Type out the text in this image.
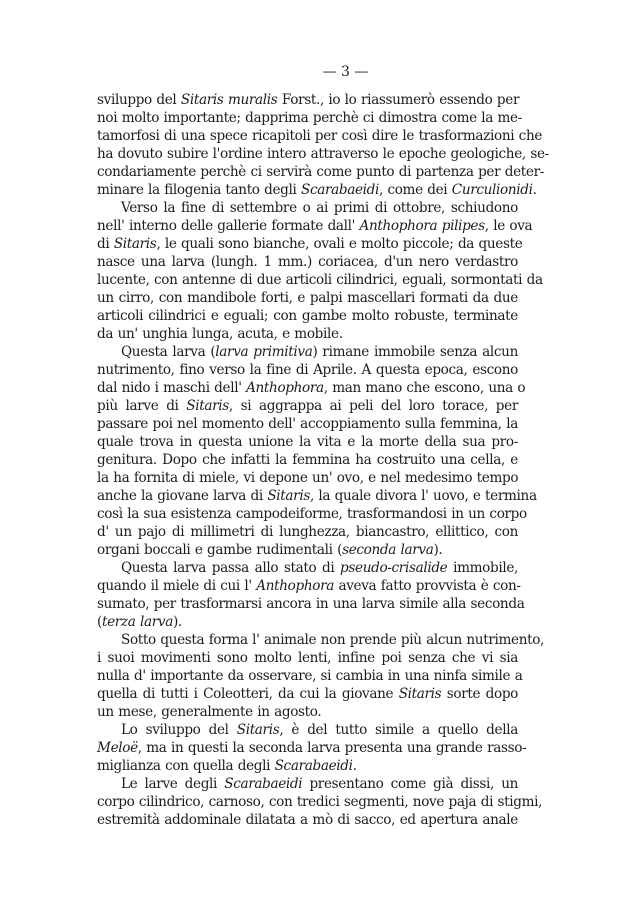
— 3 —
sviluppo del Sitaris muralis Forst., io lo riassumerò essendo per
noi molto importante; dapprima perchè ci dimostra come la me-
tamorfosi di una spece ricapitoli per così dire le trasformazioni che
ha dovuto subire l'ordine intero attraverso le epoche geologiche, se-
condariamente perchè ci servirà come punto di partenza per deter-
minare la filogenia tanto degli Scarabaeidi, come dei Curculionidi.
Verso la fine di settembre o ai primi di ottobre, schiudono
nell' interno delle gallerie formate dall' Anthophora pilipes, le ova
di Sitaris, le quali sono bianche, ovali e molto piccole; da queste
nasce una larva (lungh. 1 mm.) coriacea, d'un nero verdastro
lucente, con antenne di due articoli cilindrici, eguali, sormontati da
un cirro, con mandibole forti, e palpi mascellari formati da due
articoli cilindrici e eguali; con gambe molto robuste, terminate
da un' unghia lunga, acuta, e mobile.
Questa larva (larva primitiva) rimane immobile senza alcun
nutrimento, fino verso la fine di Aprile. A questa epoca, escono
dal nido i maschi dell' Anthophora, man mano che escono, una o
più larve di Sitaris, si aggrappa ai peli del loro torace, per
passare poi nel momento dell' accoppiamento sulla femmina, la
quale trova in questa unione la vita e la morte della sua pro-
genitura. Dopo che infatti la femmina ha costruito una cella, e
la ha fornita di miele, vi depone un' ovo, e nel medesimo tempo
anche la giovane larva di Sitaris, la quale divora l' uovo, e termina
così la sua esistenza campodeiforme, trasformandosi in un corpo
d' un pajo di millimetri di lunghezza, biancastro, ellittico, con
organi boccali e gambe rudimentali (seconda larva).
Questa larva passa allo stato di pseudo-crisalide immobile,
quando il miele di cui l' Anthophora aveva fatto provvista è con-
sumato, per trasformarsi ancora in una larva simile alla seconda
(terza larva).
Sotto questa forma l' animale non prende più alcun nutrimento,
i suoi movimenti sono molto lenti, infine poi senza che vi sia
nulla d' importante da osservare, si cambia in una ninfa simile a
quella di tutti i Coleotteri, da cui la giovane Sitaris sorte dopo
un mese, generalmente in agosto.
Lo sviluppo del Sitaris, è del tutto simile a quello della
Meloë, ma in questi la seconda larva presenta una grande rasso-
miglianza con quella degli Scarabaeidi.
Le larve degli Scarabaeidi presentano come già dissi, un
corpo cilindrico, carnoso, con tredici segmenti, nove paja di stigmi,
estremità addominale dilatata a mò di sacco, ed apertura anale
